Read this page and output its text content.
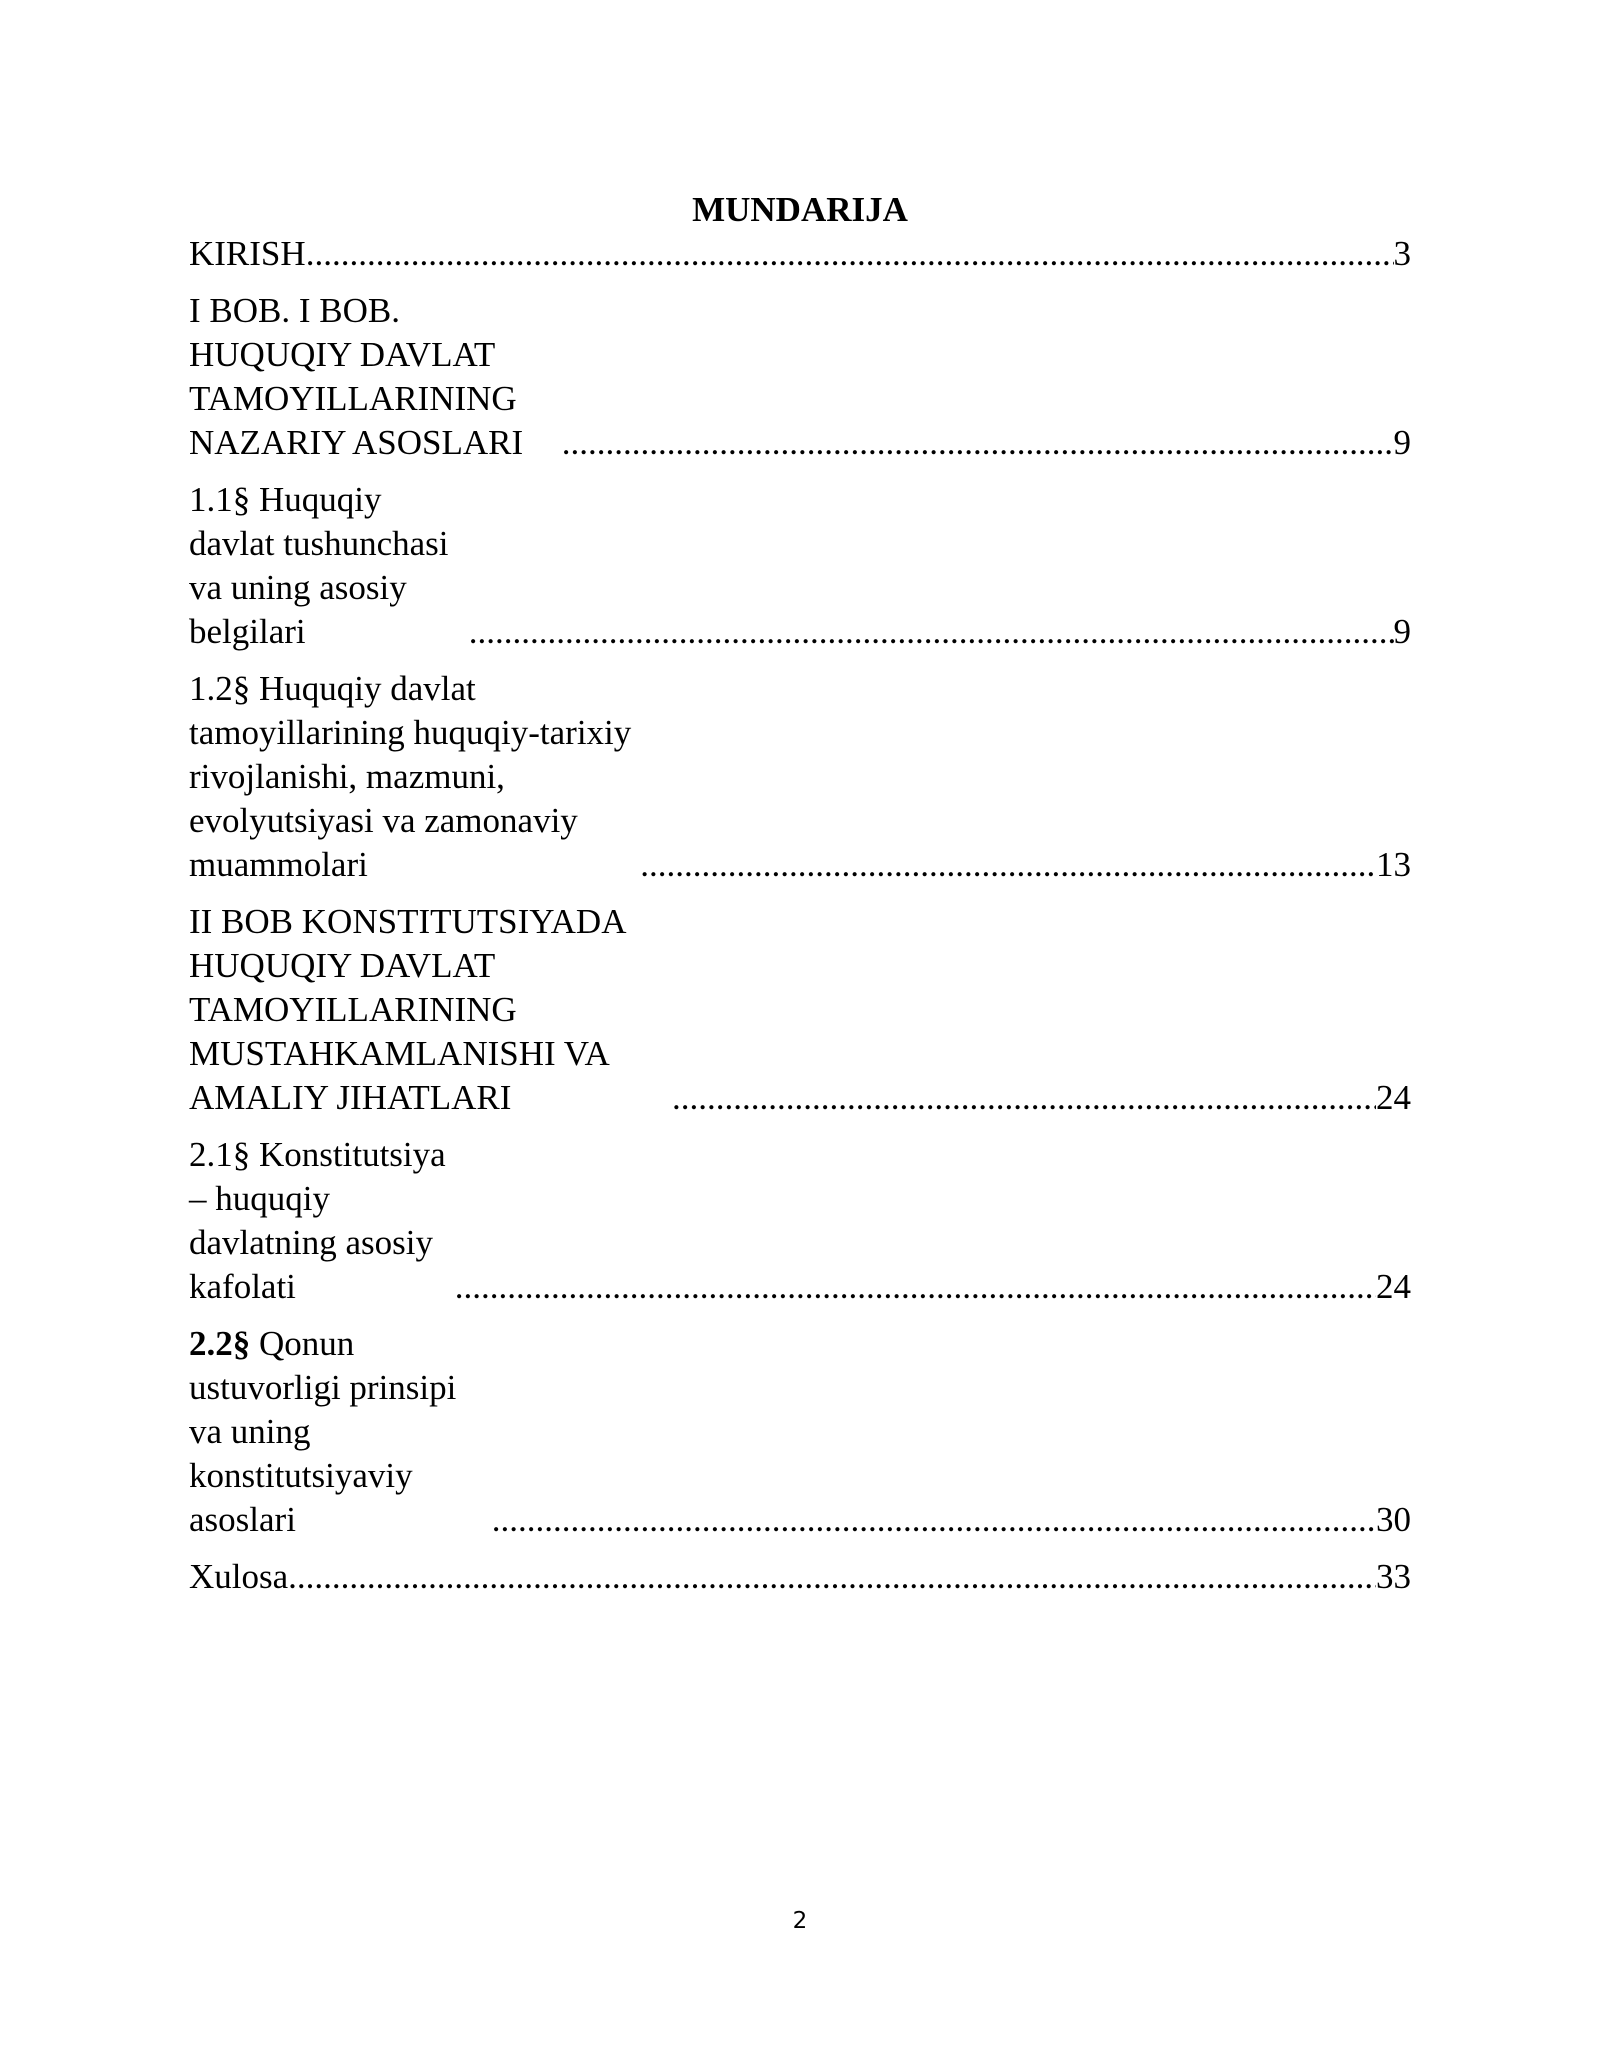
MUNDARIJA

KIRISH .....	3
I BOB. I BOB. HUQUQIY DAVLAT TAMOYILLARINING NAZARIY ASOSLARI .....	9
1.1§ Huquqiy davlat tushunchasi va uning asosiy belgilari .....	9
1.2§ Huquqiy davlat tamoyillarining huquqiy-tarixiy rivojlanishi, mazmuni, evolyutsiyasi va zamonaviy muammolari .....	13
II BOB KONSTITUTSIYADA HUQUQIY DAVLAT TAMOYILLARINING MUSTAHKAMLANISHI VA AMALIY JIHATLARI .....	24
2.1§ Konstitutsiya – huquqiy davlatning asosiy kafolati .....	24
2.2§ Qonun ustuvorligi prinsipi va uning konstitutsiyaviy asoslari .....	30
Xulosa .....	33
2
